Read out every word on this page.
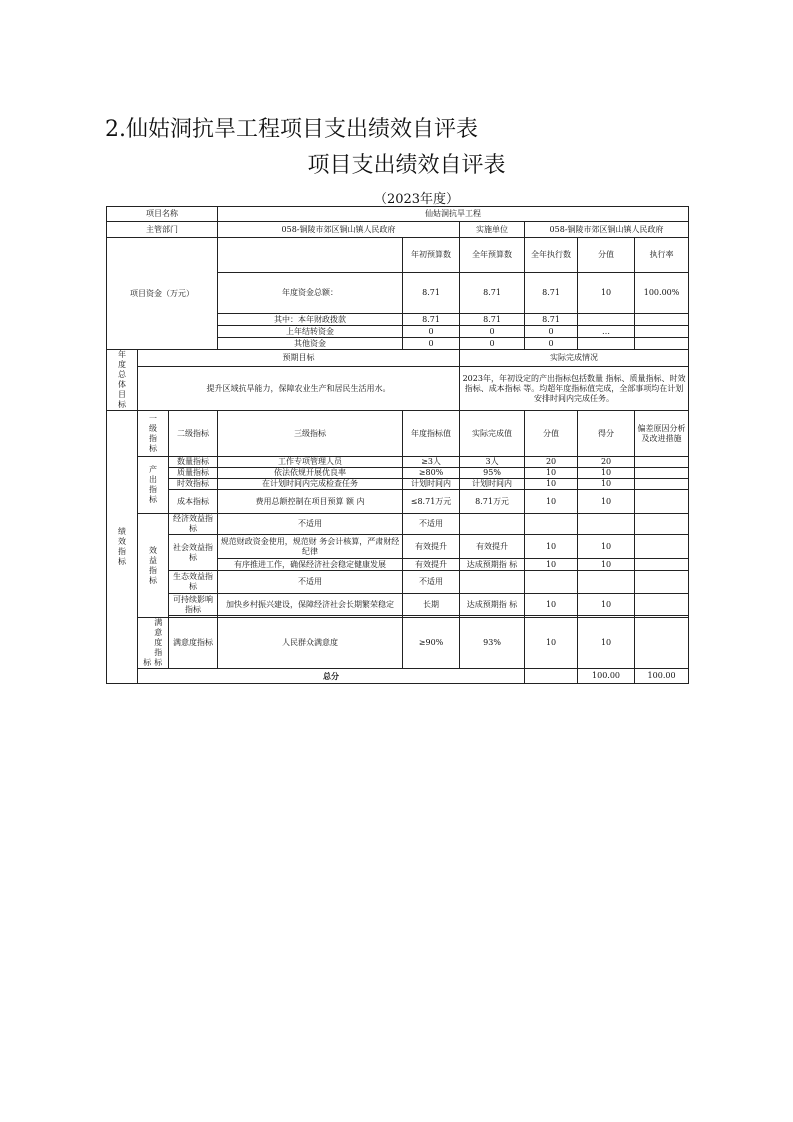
2.仙姑洞抗旱工程项目支出绩效自评表
项目支出绩效自评表
（2023年度）
项目名称			仙姑洞抗旱工程						
主管部门			058-铜陵市郊区铜山镇人民政府		实施单位	058-铜陵市郊区铜山镇人民政府			
项目资金（万元）				年初预算数	全年预算数	全年执行数	分值	执行率	
			年度资金总额：	8.71	8.71	8.71	10	100.00%	
			其中：本年财政拨款	8.71	8.71	8.71			
			上年结转资金	0	0	0	…		
			其他资金	0	0	0			
年度总体目标	预期目标				实际完成情况				
	提升区域抗旱能力，保障农业生产和居民生活用水。				2023年，年初设定的产出指标包括数量 指标、质量指标、时效指标、成本指标 等。均超年度指标值完成，全部事项均在计划安排时间内完成任务。				
绩效指标	一级指标	二级指标	三级指标	年度指标值	实际完成值	分值	得分	偏差原因分析及改进措施	
	产出指标	数量指标	工作专项管理人员	≥3人	3人	20	20		
		质量指标	依法依规开展优良率	≥80%	95%	10	10		
		时效指标	在计划时间内完成检查任务	计划时间内	计划时间内	10	10		
		成本指标	费用总额控制在项目预算 额 内	≤8.71万元	8.71万元	10	10		
	效益指标	经济效益指标	不适用	不适用					
		社会效益指标	规范财政资金使用，规范财 务会计核算，严肃财经纪律	有效提升	有效提升	10	10		
			有序推进工作，确保经济社会稳定健康发展	有效提升	达成预期指 标	10	10		
		生态效益指标	不适用	不适用					
		可持续影响指标	加快乡村振兴建设，保障经济社会长期繁荣稳定	长期	达成预期指 标	10	10		

	标 满意度指标	满意度指标	人民群众满意度	≥90%	93%	10	10		
	总分						100.00	100.00	
